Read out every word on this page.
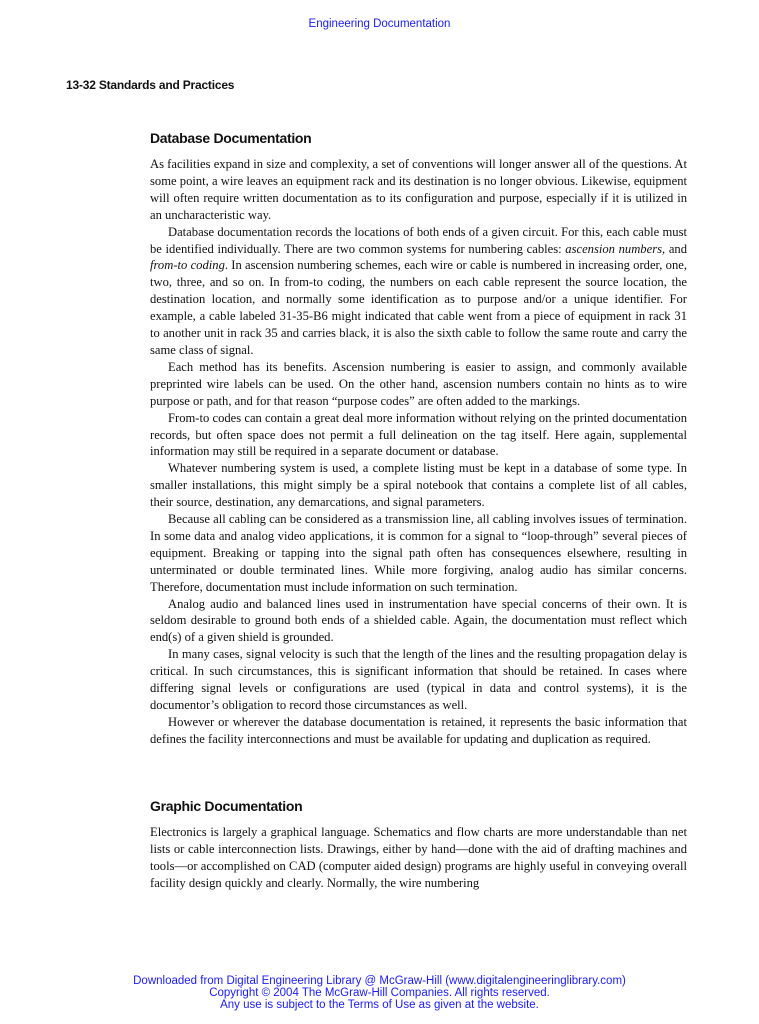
Engineering Documentation
13-32 Standards and Practices
Database Documentation

As facilities expand in size and complexity, a set of conventions will longer answer all of the questions. At some point, a wire leaves an equipment rack and its destination is no longer obvious. Likewise, equipment will often require written documentation as to its configuration and purpose, especially if it is utilized in an uncharacteristic way.

Database documentation records the locations of both ends of a given circuit. For this, each cable must be identified individually. There are two common systems for numbering cables: ascension numbers, and from-to coding. In ascension numbering schemes, each wire or cable is numbered in increasing order, one, two, three, and so on. In from-to coding, the numbers on each cable represent the source location, the destination location, and normally some identification as to purpose and/or a unique identifier. For example, a cable labeled 31-35-B6 might indicated that cable went from a piece of equipment in rack 31 to another unit in rack 35 and carries black, it is also the sixth cable to follow the same route and carry the same class of signal.

Each method has its benefits. Ascension numbering is easier to assign, and commonly available preprinted wire labels can be used. On the other hand, ascension numbers contain no hints as to wire purpose or path, and for that reason “purpose codes” are often added to the markings.

From-to codes can contain a great deal more information without relying on the printed documentation records, but often space does not permit a full delineation on the tag itself. Here again, supplemental information may still be required in a separate document or database.

Whatever numbering system is used, a complete listing must be kept in a database of some type. In smaller installations, this might simply be a spiral notebook that contains a complete list of all cables, their source, destination, any demarcations, and signal parameters.

Because all cabling can be considered as a transmission line, all cabling involves issues of termination. In some data and analog video applications, it is common for a signal to “loop-through” several pieces of equipment. Breaking or tapping into the signal path often has consequences elsewhere, resulting in unterminated or double terminated lines. While more forgiving, analog audio has similar concerns. Therefore, documentation must include information on such termination.

Analog audio and balanced lines used in instrumentation have special concerns of their own. It is seldom desirable to ground both ends of a shielded cable. Again, the documentation must reflect which end(s) of a given shield is grounded.

In many cases, signal velocity is such that the length of the lines and the resulting propagation delay is critical. In such circumstances, this is significant information that should be retained. In cases where differing signal levels or configurations are used (typical in data and control systems), it is the documentor’s obligation to record those circumstances as well.

However or wherever the database documentation is retained, it represents the basic information that defines the facility interconnections and must be available for updating and duplication as required.

Graphic Documentation

Electronics is largely a graphical language. Schematics and flow charts are more understandable than net lists or cable interconnection lists. Drawings, either by hand—done with the aid of drafting machines and tools—or accomplished on CAD (computer aided design) programs are highly useful in conveying overall facility design quickly and clearly. Normally, the wire numbering

Downloaded from Digital Engineering Library @ McGraw-Hill (www.digitalengineeringlibrary.com)
Copyright © 2004 The McGraw-Hill Companies. All rights reserved.
Any use is subject to the Terms of Use as given at the website.
